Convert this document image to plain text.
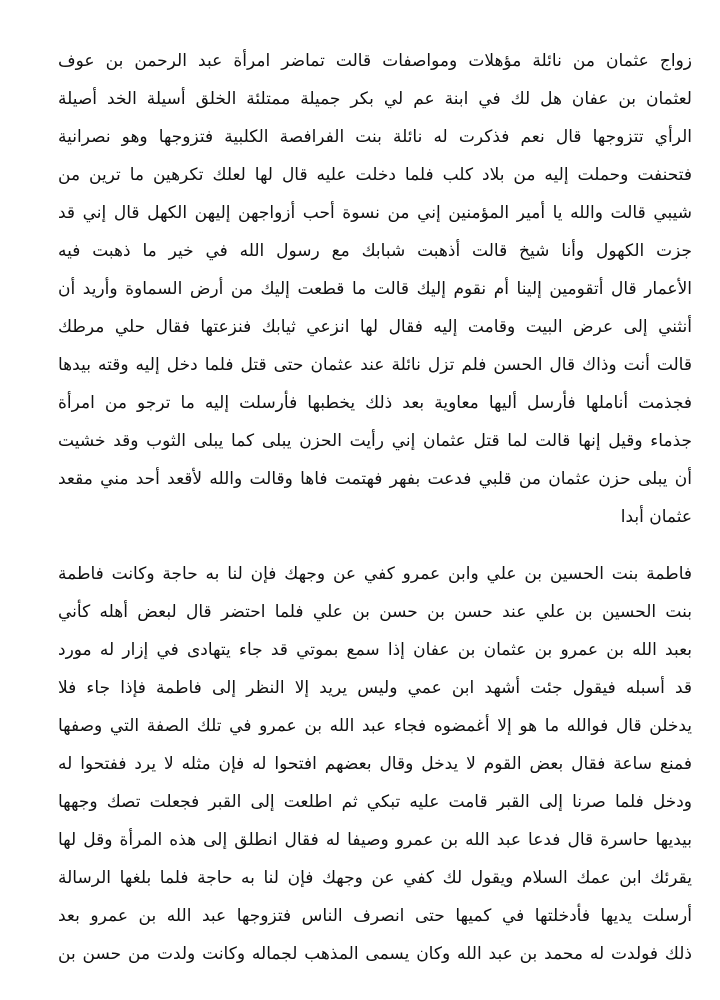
زواج عثمان من نائلة مؤهلات ومواصفات قالت تماضر امرأة عبد الرحمن بن عوف
لعثمان بن عفان هل لك في ابنة عم لي بكر جميلة ممتلئة الخلق أسيلة الخد أصيلة
الرأي تتزوجها قال نعم فذكرت له نائلة بنت الفرافصة الكلبية فتزوجها وهو نصرانية
فتحنفت وحملت إليه من بلاد كلب فلما دخلت عليه قال لها لعلك تكرهين ما ترين من
شيبي قالت والله يا أمير المؤمنين إني من نسوة أحب أزواجهن إليهن الكهل قال إني قد
جزت الكهول وأنا شيخ قالت أذهبت شبابك مع رسول الله في خير ما ذهبت فيه
الأعمار قال أتقومين إلينا أم نقوم إليك قالت ما قطعت إليك من أرض السماوة وأريد أن
أنثني إلى عرض البيت وقامت إليه فقال لها انزعي ثيابك فنزعتها فقال حلي مرطك
قالت أنت وذاك قال الحسن فلم تزل نائلة عند عثمان حتى قتل فلما دخل إليه وقته بيدها
فجذمت أناملها فأرسل أليها معاوية بعد ذلك يخطبها فأرسلت إليه ما ترجو من امرأة
جذماء وقيل إنها قالت لما قتل عثمان إني رأيت الحزن يبلى كما يبلى الثوب وقد خشيت
أن يبلى حزن عثمان من قلبي فدعت بفهر فهتمت فاها وقالت والله لأقعد أحد مني مقعد
عثمان أبدا
فاطمة بنت الحسين بن علي وابن عمرو كفي عن وجهك فإن لنا به حاجة وكانت فاطمة
بنت الحسين بن علي عند حسن بن حسن بن علي فلما احتضر قال لبعض أهله كأني
بعبد الله بن عمرو بن عثمان بن عفان إذا سمع بموتي قد جاء يتهادى في إزار له مورد
قد أسبله فيقول جئت أشهد ابن عمي وليس يريد إلا النظر إلى فاطمة فإذا جاء فلا
يدخلن قال فوالله ما هو إلا أغمضوه فجاء عبد الله بن عمرو في تلك الصفة التي وصفها
فمنع ساعة فقال بعض القوم لا يدخل وقال بعضهم افتحوا له فإن مثله لا يرد ففتحوا له
ودخل فلما صرنا إلى القبر قامت عليه تبكي ثم اطلعت إلى القبر فجعلت تصك وجهها
بيديها حاسرة قال فدعا عبد الله بن عمرو وصيفا له فقال انطلق إلى هذه المرأة وقل لها
يقرئك ابن عمك السلام ويقول لك كفي عن وجهك فإن لنا به حاجة فلما بلغها الرسالة
أرسلت يديها فأدخلتها في كميها حتى انصرف الناس فتزوجها عبد الله بن عمرو بعد
ذلك فولدت له محمد بن عبد الله وكان يسمى المذهب لجماله وكانت ولدت من حسن بن
